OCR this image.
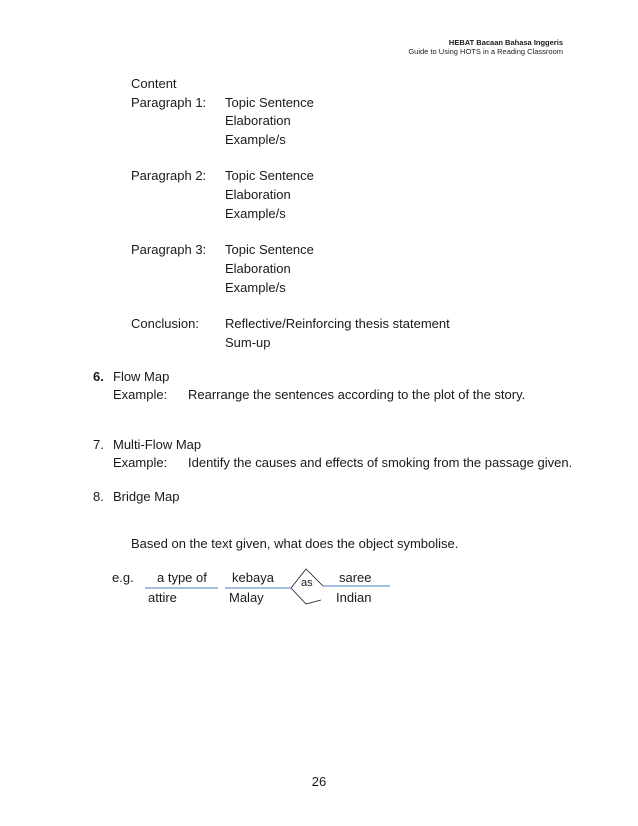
HEBAT Bacaan Bahasa Inggeris
Guide to Using HOTS in a Reading Classroom
Content
Paragraph 1: Topic Sentence
Elaboration
Example/s
Paragraph 2: Topic Sentence
Elaboration
Example/s
Paragraph 3: Topic Sentence
Elaboration
Example/s
Conclusion: Reflective/Reinforcing thesis statement
Sum-up
6. Flow Map
Example: Rearrange the sentences according to the plot of the story.
7. Multi-Flow Map
Example: Identify the causes and effects of smoking from the passage given.
8. Bridge Map
Based on the text given, what does the object symbolise.
e.g. a type of
attire
kebaya
Malay
as saree
Indian
26
